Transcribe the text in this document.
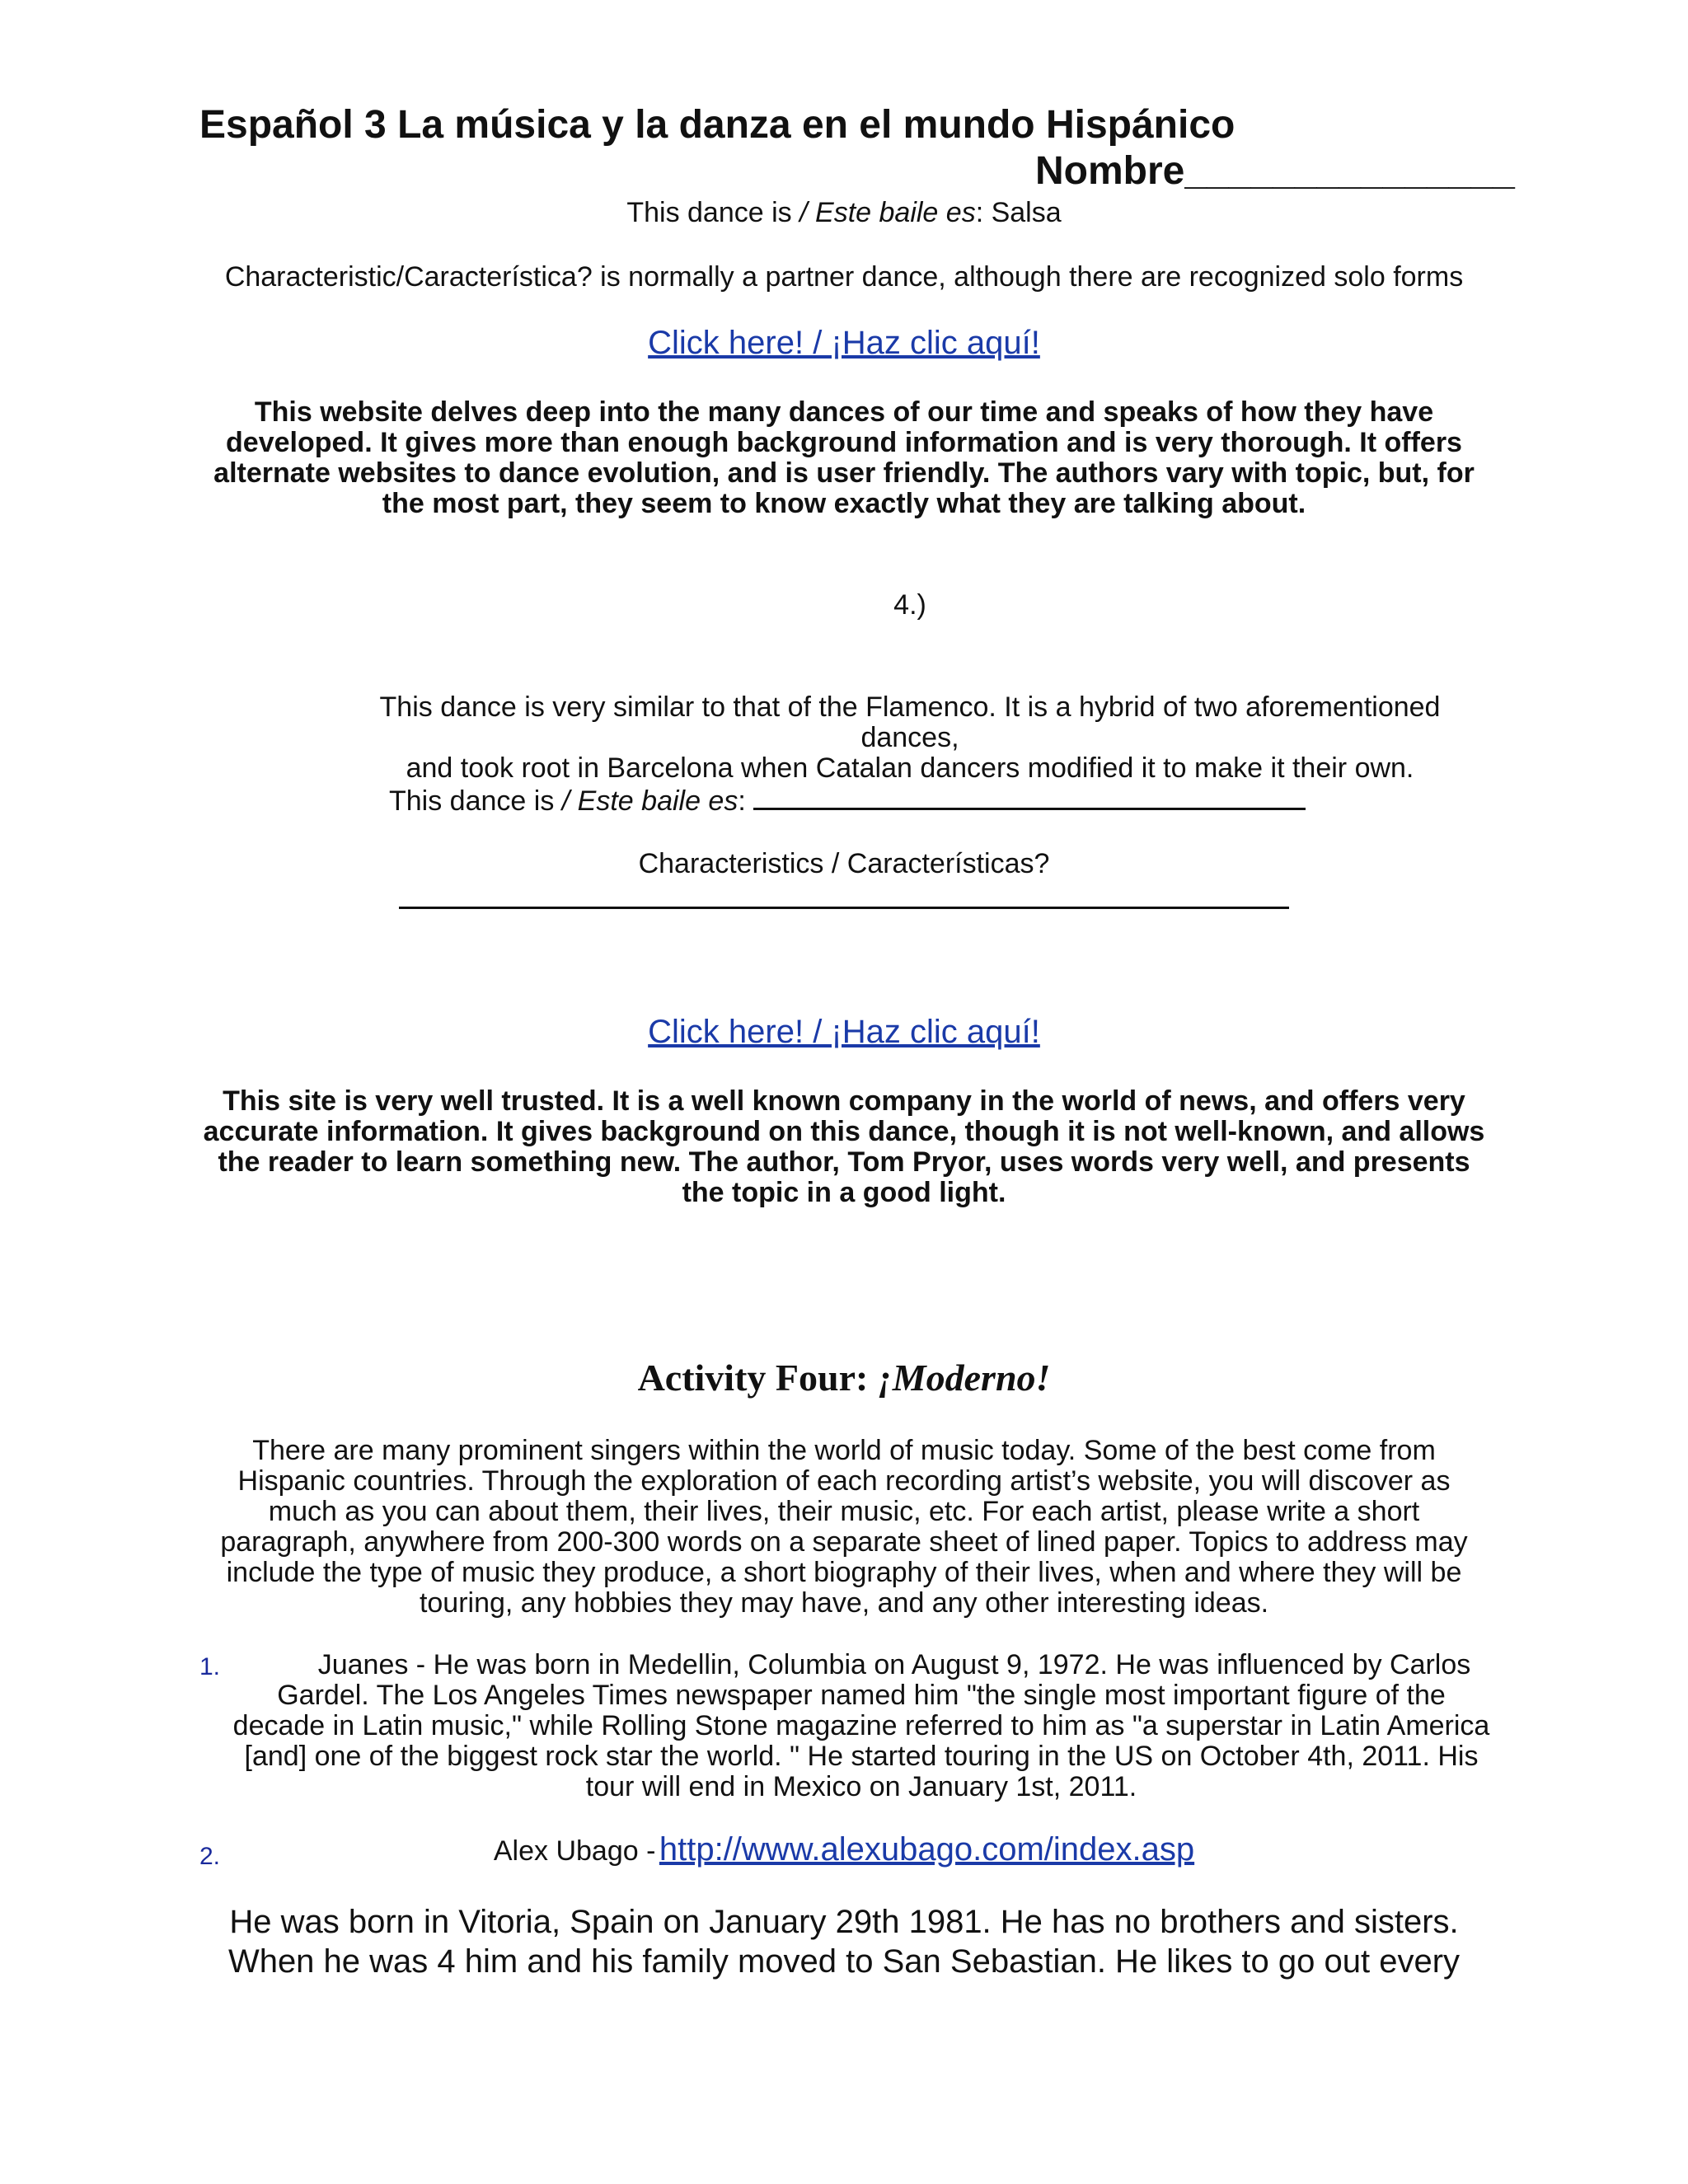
Español 3 La música y la danza en el mundo Hispánico
Nombre_______________
This dance is / Este baile es: Salsa
Characteristic/Característica? is normally a partner dance, although there are recognized solo forms
Click here! / ¡Haz clic aquí!
This website delves deep into the many dances of our time and speaks of how they have developed. It gives more than enough background information and is very thorough. It offers alternate websites to dance evolution, and is user friendly. The authors vary with topic, but, for the most part, they seem to know exactly what they are talking about.
4.)
This dance is very similar to that of the Flamenco. It is a hybrid of two aforementioned dances,
and took root in Barcelona when Catalan dancers modified it to make it their own.
This dance is / Este baile es:
Characteristics / Características?
Click here! / ¡Haz clic aquí!
This site is very well trusted. It is a well known company in the world of news, and offers very accurate information. It gives background on this dance, though it is not well-known, and allows the reader to learn something new. The author, Tom Pryor, uses words very well, and presents the topic in a good light.
Activity Four: ¡Moderno!
There are many prominent singers within the world of music today. Some of the best come from Hispanic countries. Through the exploration of each recording artist’s website, you will discover as much as you can about them, their lives, their music, etc. For each artist, please write a short paragraph, anywhere from 200-300 words on a separate sheet of lined paper. Topics to address may include the type of music they produce, a short biography of their lives, when and where they will be touring, any hobbies they may have, and any other interesting ideas.
1.	Juanes - He was born in Medellin, Columbia on August 9, 1972. He was influenced by Carlos Gardel. The Los Angeles Times newspaper named him "the single most important figure of the decade in Latin music," while Rolling Stone magazine referred to him as "a superstar in Latin America [and] one of the biggest rock star the world. " He started touring in the US on October 4th, 2011. His tour will end in Mexico on January 1st, 2011.
2.	Alex Ubago - http://www.alexubago.com/index.asp
He was born in Vitoria, Spain on January 29th 1981. He has no brothers and sisters.
When he was 4 him and his family moved to San Sebastian. He likes to go out every
